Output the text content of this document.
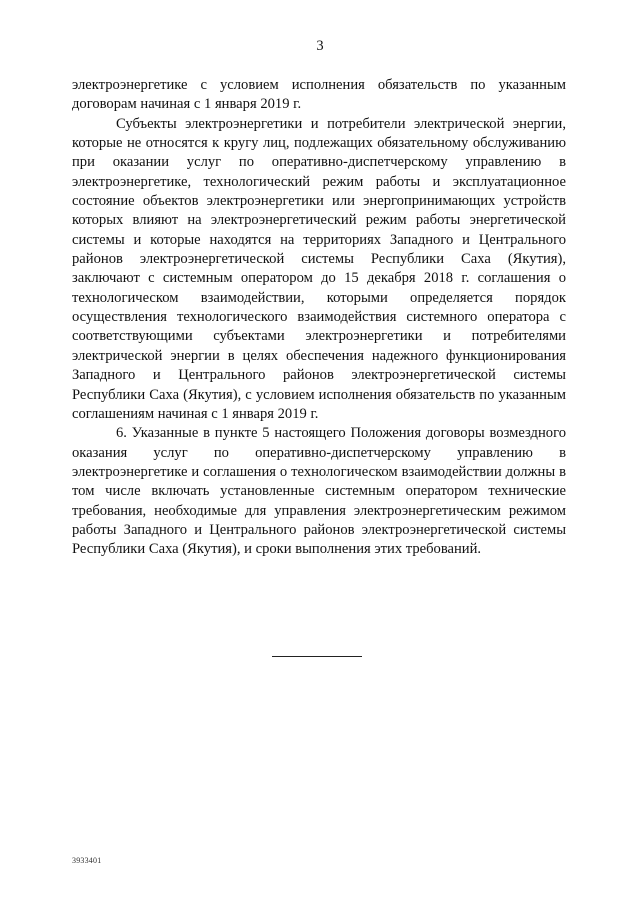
3

электроэнергетике с условием исполнения обязательств по указанным договорам начиная с 1 января 2019 г.

Субъекты электроэнергетики и потребители электрической энергии, которые не относятся к кругу лиц, подлежащих обязательному обслуживанию при оказании услуг по оперативно-диспетчерскому управлению в электроэнергетике, технологический режим работы и эксплуатационное состояние объектов электроэнергетики или энергопринимающих устройств которых влияют на электроэнергетический режим работы энергетической системы и которые находятся на территориях Западного и Центрального районов электроэнергетической системы Республики Саха (Якутия), заключают с системным оператором до 15 декабря 2018 г. соглашения о технологическом взаимодействии, которыми определяется порядок осуществления технологического взаимодействия системного оператора с соответствующими субъектами электроэнергетики и потребителями электрической энергии в целях обеспечения надежного функционирования Западного и Центрального районов электроэнергетической системы Республики Саха (Якутия), с условием исполнения обязательств по указанным соглашениям начиная с 1 января 2019 г.

6. Указанные в пункте 5 настоящего Положения договоры возмездного оказания услуг по оперативно-диспетчерскому управлению в электроэнергетике и соглашения о технологическом взаимодействии должны в том числе включать установленные системным оператором технические требования, необходимые для управления электроэнергетическим режимом работы Западного и Центрального районов электроэнергетической системы Республики Саха (Якутия), и сроки выполнения этих требований.

3933401
